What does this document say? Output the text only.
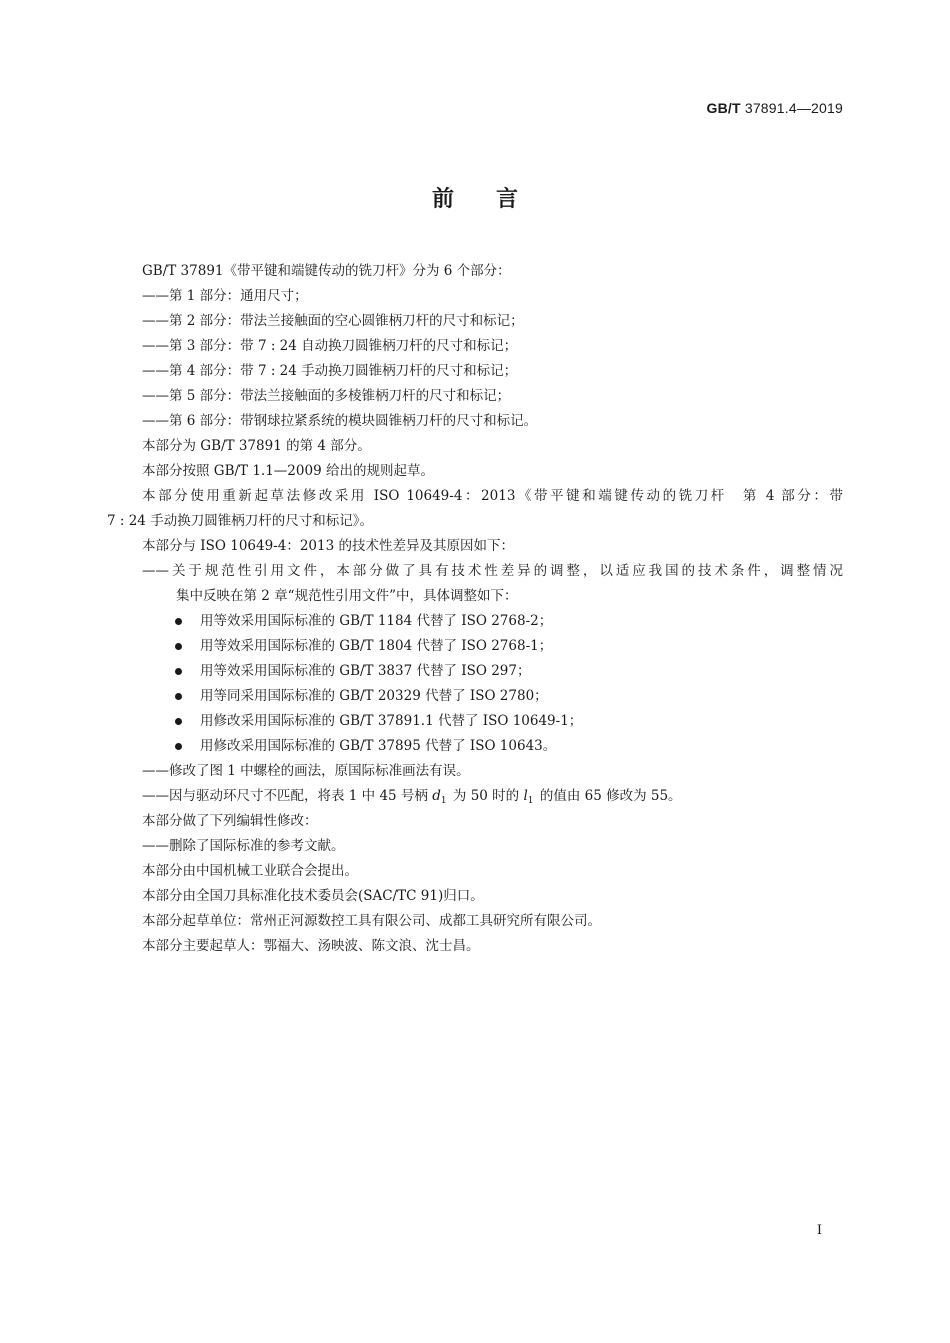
GB/T 37891.4—2019
前言
GB/T 37891《带平键和端键传动的铣刀杆》分为 6 个部分：
——第 1 部分：通用尺寸；
——第 2 部分：带法兰接触面的空心圆锥柄刀杆的尺寸和标记；
——第 3 部分：带 7 : 24 自动换刀圆锥柄刀杆的尺寸和标记；
——第 4 部分：带 7 : 24 手动换刀圆锥柄刀杆的尺寸和标记；
——第 5 部分：带法兰接触面的多棱锥柄刀杆的尺寸和标记；
——第 6 部分：带钢球拉紧系统的模块圆锥柄刀杆的尺寸和标记。
本部分为 GB/T 37891 的第 4 部分。
本部分按照 GB/T 1.1—2009 给出的规则起草。
本部分使用重新起草法修改采用 ISO 10649-4：2013《带平键和端键传动的铣刀杆　第 4 部分：带
7 : 24 手动换刀圆锥柄刀杆的尺寸和标记》。
本部分与 ISO 10649-4：2013 的技术性差异及其原因如下：
——关于规范性引用文件，本部分做了具有技术性差异的调整，以适应我国的技术条件，调整情况
集中反映在第 2 章“规范性引用文件”中，具体调整如下：
用等效采用国际标准的 GB/T 1184 代替了 ISO 2768-2；
用等效采用国际标准的 GB/T 1804 代替了 ISO 2768-1；
用等效采用国际标准的 GB/T 3837 代替了 ISO 297；
用等同采用国际标准的 GB/T 20329 代替了 ISO 2780；
用修改采用国际标准的 GB/T 37891.1 代替了 ISO 10649-1；
用修改采用国际标准的 GB/T 37895 代替了 ISO 10643。
——修改了图 1 中螺栓的画法，原国际标准画法有误。
——因与驱动环尺寸不匹配，将表 1 中 45 号柄 $d_1$ 为 50 时的 $l_1$ 的值由 65 修改为 55。
本部分做了下列编辑性修改：
——删除了国际标准的参考文献。
本部分由中国机械工业联合会提出。
本部分由全国刀具标准化技术委员会(SAC/TC 91)归口。
本部分起草单位：常州正河源数控工具有限公司、成都工具研究所有限公司。
本部分主要起草人：鄂福大、汤映波、陈文浪、沈士昌。
I
